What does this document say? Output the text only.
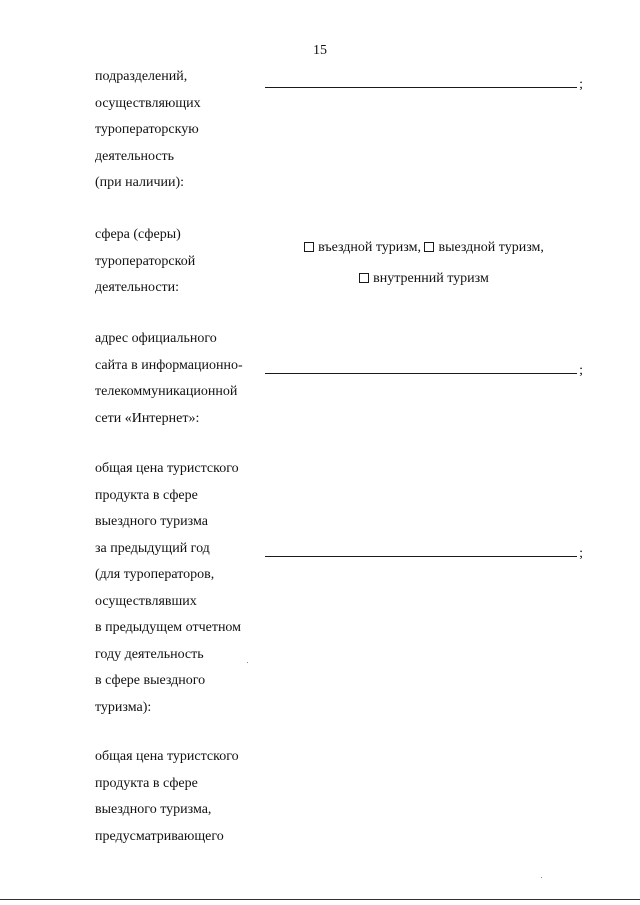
15
подразделений,
осуществляющих
туроператорскую
деятельность
(при наличии):
;
сфера (сферы)
туроператорской
деятельности:
въездной туризм, выездной туризм,
внутренний туризм
адрес официального
сайта в информационно-
телекоммуникационной
сети «Интернет»:
;
общая цена туристского
продукта в сфере
выездного туризма
за предыдущий год
(для туроператоров,
осуществлявших
в предыдущем отчетном
году деятельность
в сфере выездного
туризма):
;
общая цена туристского
продукта в сфере
выездного туризма,
предусматривающего
